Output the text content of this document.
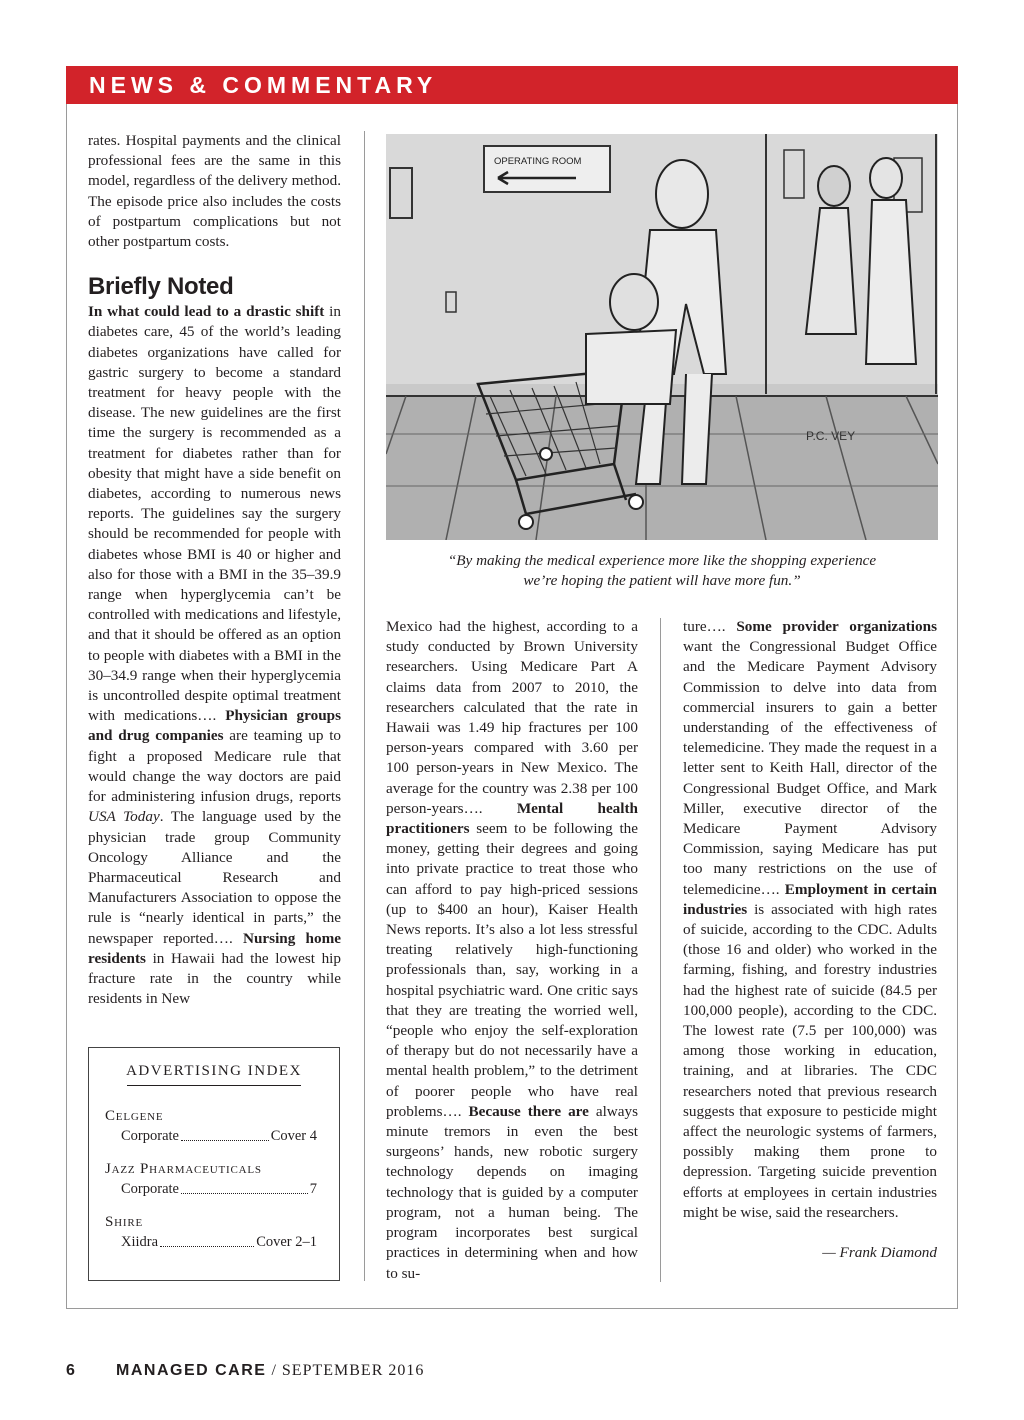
NEWS & COMMENTARY

rates. Hospital payments and the clinical professional fees are the same in this model, regardless of the delivery method. The episode price also includes the costs of postpartum complications but not other postpartum costs.

Briefly Noted

In what could lead to a drastic shift in diabetes care, 45 of the world’s leading diabetes organizations have called for gastric surgery to become a standard treatment for heavy people with the disease. The new guidelines are the first time the surgery is recommended as a treatment for diabetes rather than for obesity that might have a side benefit on diabetes, according to numerous news reports. The guidelines say the surgery should be recommended for people with diabetes whose BMI is 40 or higher and also for those with a BMI in the 35–39.9 range when hyperglycemia can’t be controlled with medications and lifestyle, and that it should be offered as an option to people with diabetes with a BMI in the 30–34.9 range when their hyperglycemia is uncontrolled despite optimal treatment with medications…. Physician groups and drug companies are teaming up to fight a proposed Medicare rule that would change the way doctors are paid for administering infusion drugs, reports USA Today. The language used by the physician trade group Community Oncology Alliance and the Pharmaceutical Research and Manufacturers Association to oppose the rule is “nearly identical in parts,” the newspaper reported…. Nursing home residents in Hawaii had the lowest hip fracture rate in the country while residents in New

OPERATING ROOM
P.C. VEY
“By making the medical experience more like the shopping experience
we’re hoping the patient will have more fun.”

Mexico had the highest, according to a study conducted by Brown University researchers. Using Medicare Part A claims data from 2007 to 2010, the researchers calculated that the rate in Hawaii was 1.49 hip fractures per 100 person-years compared with 3.60 per 100 person-years in New Mexico. The average for the country was 2.38 per 100 person-years…. Mental health practitioners seem to be following the money, getting their degrees and going into private practice to treat those who can afford to pay high-priced sessions (up to $400 an hour), Kaiser Health News reports. It’s also a lot less stressful treating relatively high-functioning professionals than, say, working in a hospital psychiatric ward. One critic says that they are treating the worried well, “people who enjoy the self-exploration of therapy but do not necessarily have a mental health problem,” to the detriment of poorer people who have real problems…. Because there are always minute tremors in even the best surgeons’ hands, new robotic surgery technology depends on imaging technology that is guided by a computer program, not a human being. The program incorporates best surgical practices in determining when and how to su-

ture…. Some provider organizations want the Congressional Budget Office and the Medicare Payment Advisory Commission to delve into data from commercial insurers to gain a better understanding of the effectiveness of telemedicine. They made the request in a letter sent to Keith Hall, director of the Congressional Budget Office, and Mark Miller, executive director of the Medicare Payment Advisory Commission, saying Medicare has put too many restrictions on the use of telemedicine…. Employment in certain industries is associated with high rates of suicide, according to the CDC. Adults (those 16 and older) who worked in the farming, fishing, and forestry industries had the highest rate of suicide (84.5 per 100,000 people), according to the CDC. The lowest rate (7.5 per 100,000) was among those working in education, training, and at libraries. The CDC researchers noted that previous research suggests that exposure to pesticide might affect the neurologic systems of farmers, possibly making them prone to depression. Targeting suicide prevention efforts at employees in certain industries might be wise, said the researchers.

— Frank Diamond

ADVERTISING INDEX
Celgene
Corporate	Cover 4
Jazz Pharmaceuticals
Corporate	7
Shire
Xiidra	Cover 2–1
6	MANAGED CARE / SEPTEMBER 2016
